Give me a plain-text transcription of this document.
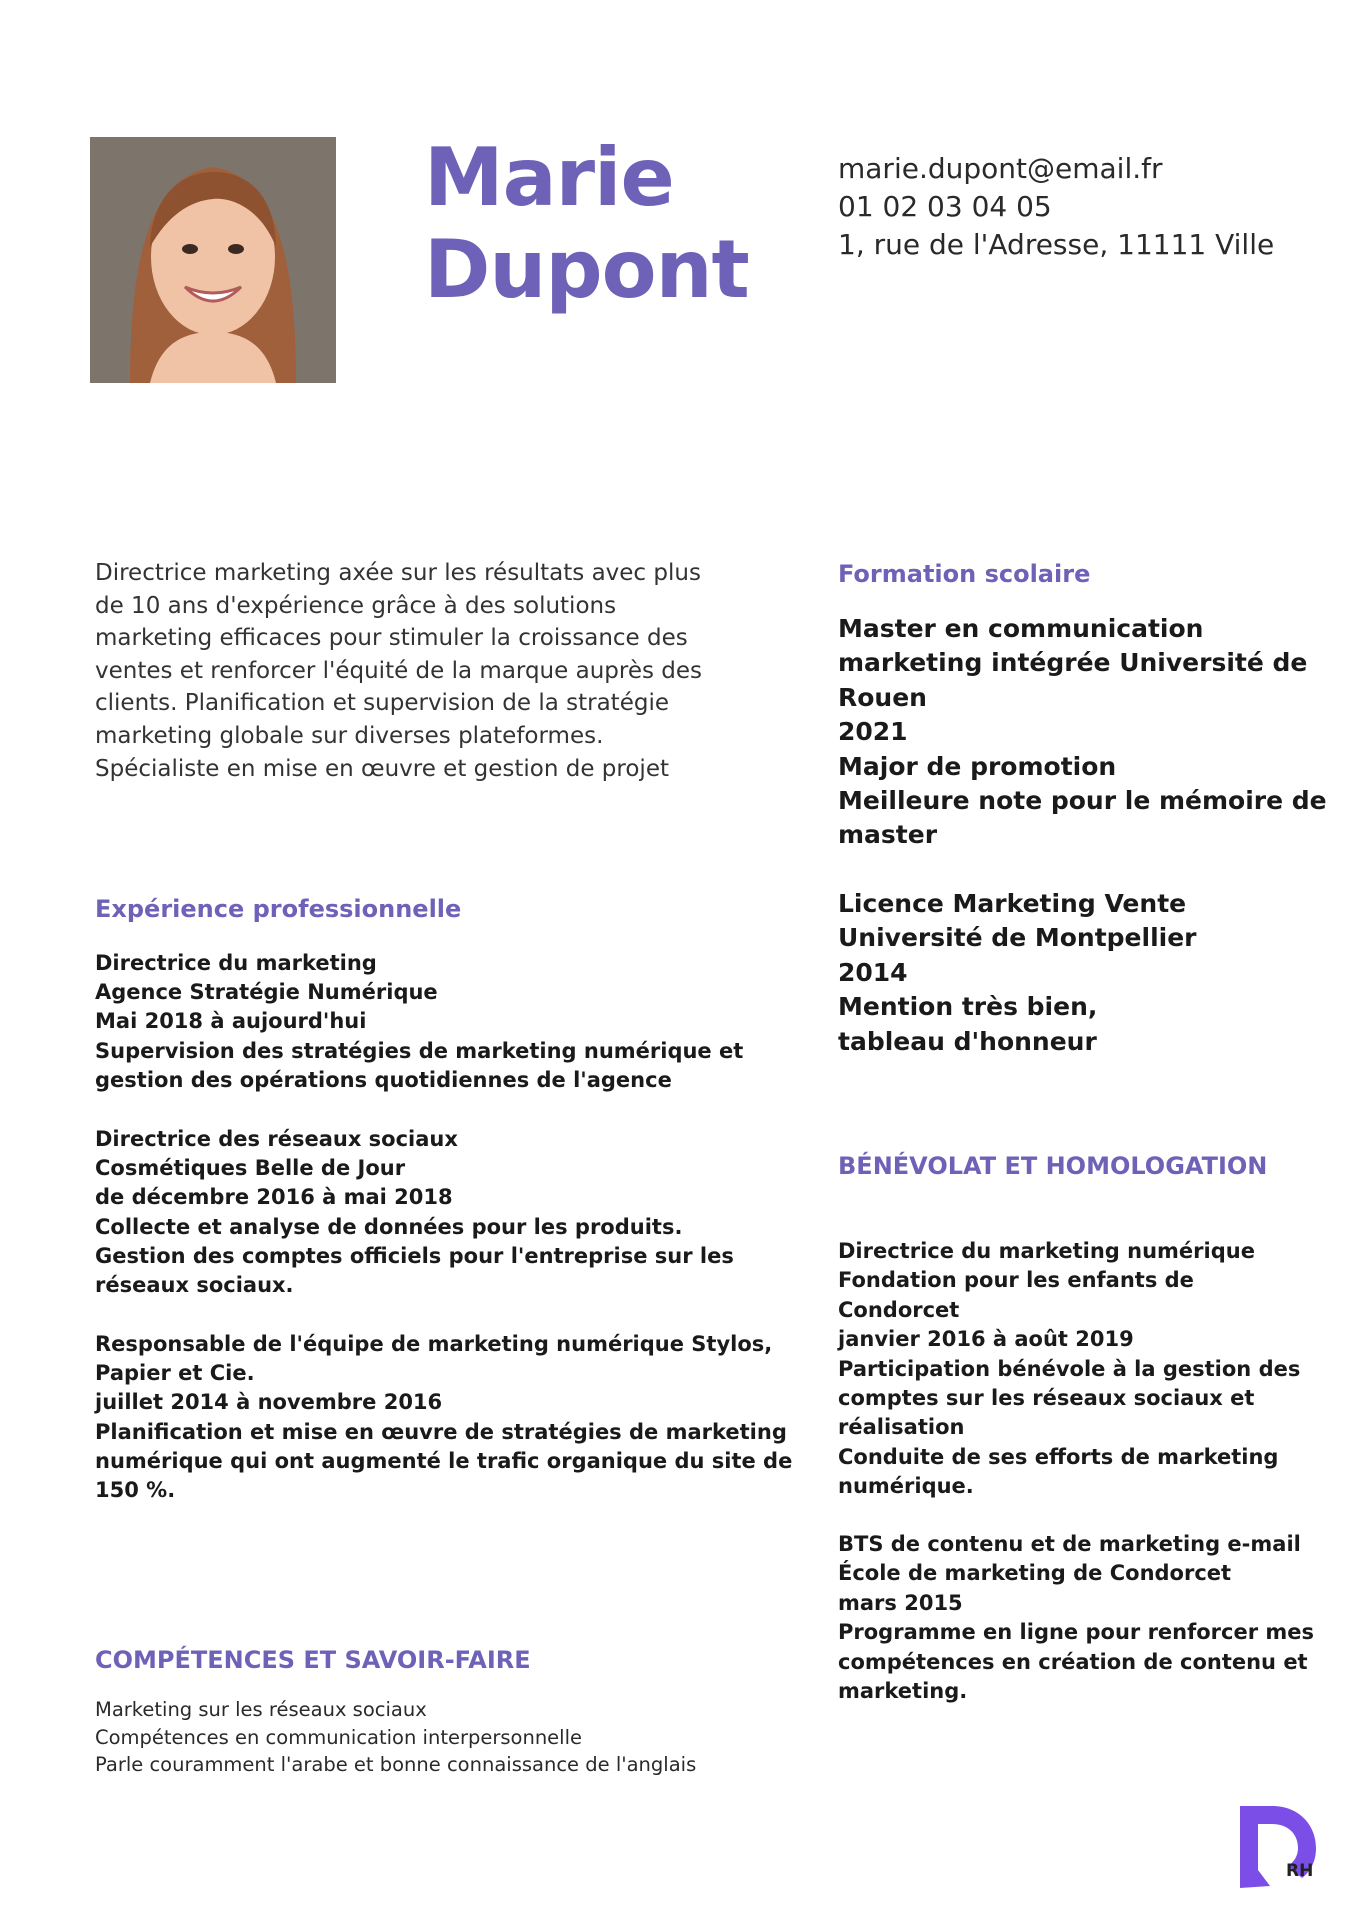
Marie
Dupont
marie.dupont@email.fr
01 02 03 04 05
1, rue de l'Adresse, 11111 Ville
Directrice marketing axée sur les résultats avec plus
de 10 ans d'expérience grâce à des solutions
marketing efficaces pour stimuler la croissance des
ventes et renforcer l'équité de la marque auprès des
clients. Planification et supervision de la stratégie
marketing globale sur diverses plateformes.
Spécialiste en mise en œuvre et gestion de projet
Expérience professionnelle
Directrice du marketing
Agence Stratégie Numérique
Mai 2018 à aujourd'hui
Supervision des stratégies de marketing numérique et
gestion des opérations quotidiennes de l'agence
Directrice des réseaux sociaux
Cosmétiques Belle de Jour
de décembre 2016 à mai 2018
Collecte et analyse de données pour les produits.
Gestion des comptes officiels pour l'entreprise sur les
réseaux sociaux.
Responsable de l'équipe de marketing numérique Stylos,
Papier et Cie.
juillet 2014 à novembre 2016
Planification et mise en œuvre de stratégies de marketing
numérique qui ont augmenté le trafic organique du site de
150 %.
COMPÉTENCES ET SAVOIR-FAIRE
Marketing sur les réseaux sociaux
Compétences en communication interpersonnelle
Parle couramment l'arabe et bonne connaissance de l'anglais
Formation scolaire
Master en communication
marketing intégrée Université de
Rouen
2021
Major de promotion
Meilleure note pour le mémoire de
master
Licence Marketing Vente
Université de Montpellier
2014
Mention très bien,
tableau d'honneur
BÉNÉVOLAT ET HOMOLOGATION
Directrice du marketing numérique
Fondation pour les enfants de
Condorcet
janvier 2016 à août 2019
Participation bénévole à la gestion des
comptes sur les réseaux sociaux et
réalisation
Conduite de ses efforts de marketing
numérique.
BTS de contenu et de marketing e-mail
École de marketing de Condorcet
mars 2015
Programme en ligne pour renforcer mes
compétences en création de contenu et
marketing.
RH
